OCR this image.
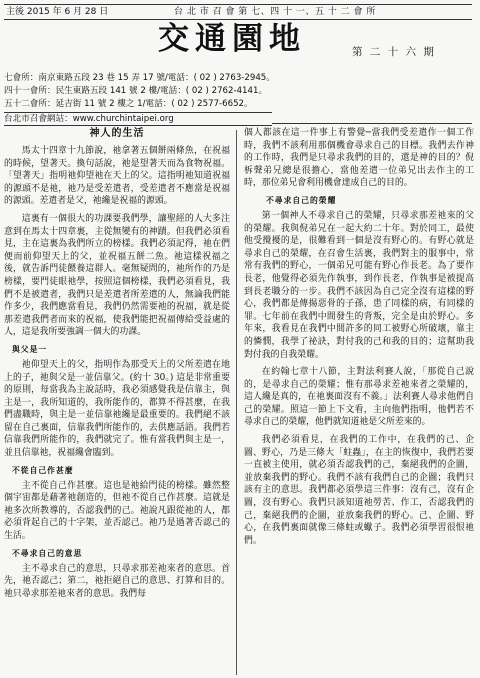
主後 2015 年 6 月 28 日	台 北 市 召 會 第 七、四 十 一、五 十 二 會 所
交通園地	第 二 十 六 期
七會所：南京東路五段 23 巷 15 弄 17 號/電話：( 02 ) 2763-2945。
四十一會所：民生東路五段 141 號 2 樓/電話：( 02 ) 2762-4141。
五十二會所：延吉街 11 號 2 樓之 1/電話：( 02 ) 2577-6652。
台北市召會網站：www.churchintaipei.org
神人的生活

馬太十四章十九節說，祂拿著五個餅兩條魚，在祝福的時候，望著天。換句話說，祂是望著天而為食物祝福。「望著天」指明祂仰望祂在天上的父。這指明祂知道祝福的源頭不是祂，祂乃是受差遣者，受差遣者不應當是祝福的源頭。差遣者是父，祂纔是祝福的源頭。

這裏有一個很大的功課要我們學，讓聖經的人大多注意到在馬太十四章裏，主從無變有的神蹟。但我們必須看見，主在這裏為我們所立的榜樣。我們必須記得，祂在們便而前仰望天上的父，並祝福五餅二魚。祂這樣祝福之後，就告訴門徒餵養這群人。毫無疑問的，祂所作的乃是榜樣，要門徒眼祂學，按照這個榜樣，我們必須看見，我們不是被遣者，我們只是差遣者所差遣的人，無論我們能作多少，我們應當看見，我們仍然需要祂的祝福，就是從那差遣我們者而來的祝福，使我們能把祝福傳給受益處的人，這是我所要強調一個大的功課。

與父是一

祂仰望天上的父，指明作為那受天上的父所差遣在地上的子，祂與父是一並信靠父。(約十 30。) 這是非常重要的原則，每當我為主說話時，我必須感覺我是信靠主，與主是一，我所知道的，我所能作的，都算不得甚麼，在我們盡職時，與主是一並信靠祂纔是最重要的。我們絕不該留在自己裏面，信靠我們所能作的，去供應話語。我們若信靠我們所能作的，我們就完了。惟有當我們與主是一，並且信靠祂，祝福纔會臨到。

不從自己作甚麼

主不從自己作甚麼。這也是祂給門徒的榜樣。雖然整個宇宙都是藉著祂創造的，但祂不從自己作甚麼。這就是祂多次所教導的，否認我們的己。祂說凡跟從祂的人，都必須背起自己的十字架，並否認己。祂乃是過著否認己的生活。

不尋求自己的意思

主不尋求自己的意思，只尋求那差祂來者的意思。首先，祂否認己；第二，祂拒絕自己的意思、打算和目的。祂只尋求那差祂來者的意思。我們每

個人都該在這一件事上有警覺─當我們受差遣作一個工作時，我們不該利用那個機會尋求自己的目標。我們去作神的工作時，我們是只尋求我們的目的，還是神的目的？倪柝聲弟兄總是很擔心，當他差遣一位弟兄出去作主的工時，那位弟兄會利用機會達成自己的目的。

不尋求自己的榮耀

第一個神人不尋求自己的榮耀，只尋求那差祂來的父的榮耀。我與倪弟兄在一起大約二十年。對於同工，最使他受攪擾的是，很難看到一個是沒有野心的。有野心就是尋求自己的榮耀，在召會生活裏，我們對主的服事中，常常有我們的野心，一個弟兄可能有野心作長老。為了要作長老，他覺得必須先作執事，到作長老，作執事是被提高到長老職分的一步。我們不該因為自己完全沒有這樣的野心，我們都是傳揚惡骨的子孫，患了同樣的病，有同樣的罪。七年前在我們中間發生的背叛，完全是由於野心。多年來，我看見在我們中間許多的同工被野心所破壞，靠主的憐憫，我學了祕訣，對付我的己和我的目的；這幫助我對付我的自我榮耀。

在約翰七章十八節，主對法利賽人說，「那從自己說的，是尋求自己的榮耀；惟有那尋求差祂來者之榮耀的，這人纔是真的，在祂裏面沒有不義。」法利賽人尋求他們自己的榮耀。照這一節上下文看，主向他們指明，他們若不尋求自己的榮耀，他們就知道祂是父所差來的。

我們必須看見，在我們的工作中，在我們的己、企圖、野心，乃是三條大「蛀蟲」，在主的恢復中，我們若要一直被主使用，就必須否認我們的己，棄絕我們的企圖，並放棄我們的野心。我們不該有我們自己的企圖；我們只該有主的意思。我們都必須學這三件事：沒有己，沒有企圖，沒有野心。我們只該知道祂勞苦、作工，否認我們的己，棄絕我們的企圖，並放棄我們的野心。己、企圖、野心，在我們裏面就像三條蛀或蠍子。我們必須學習很恨祂們。
